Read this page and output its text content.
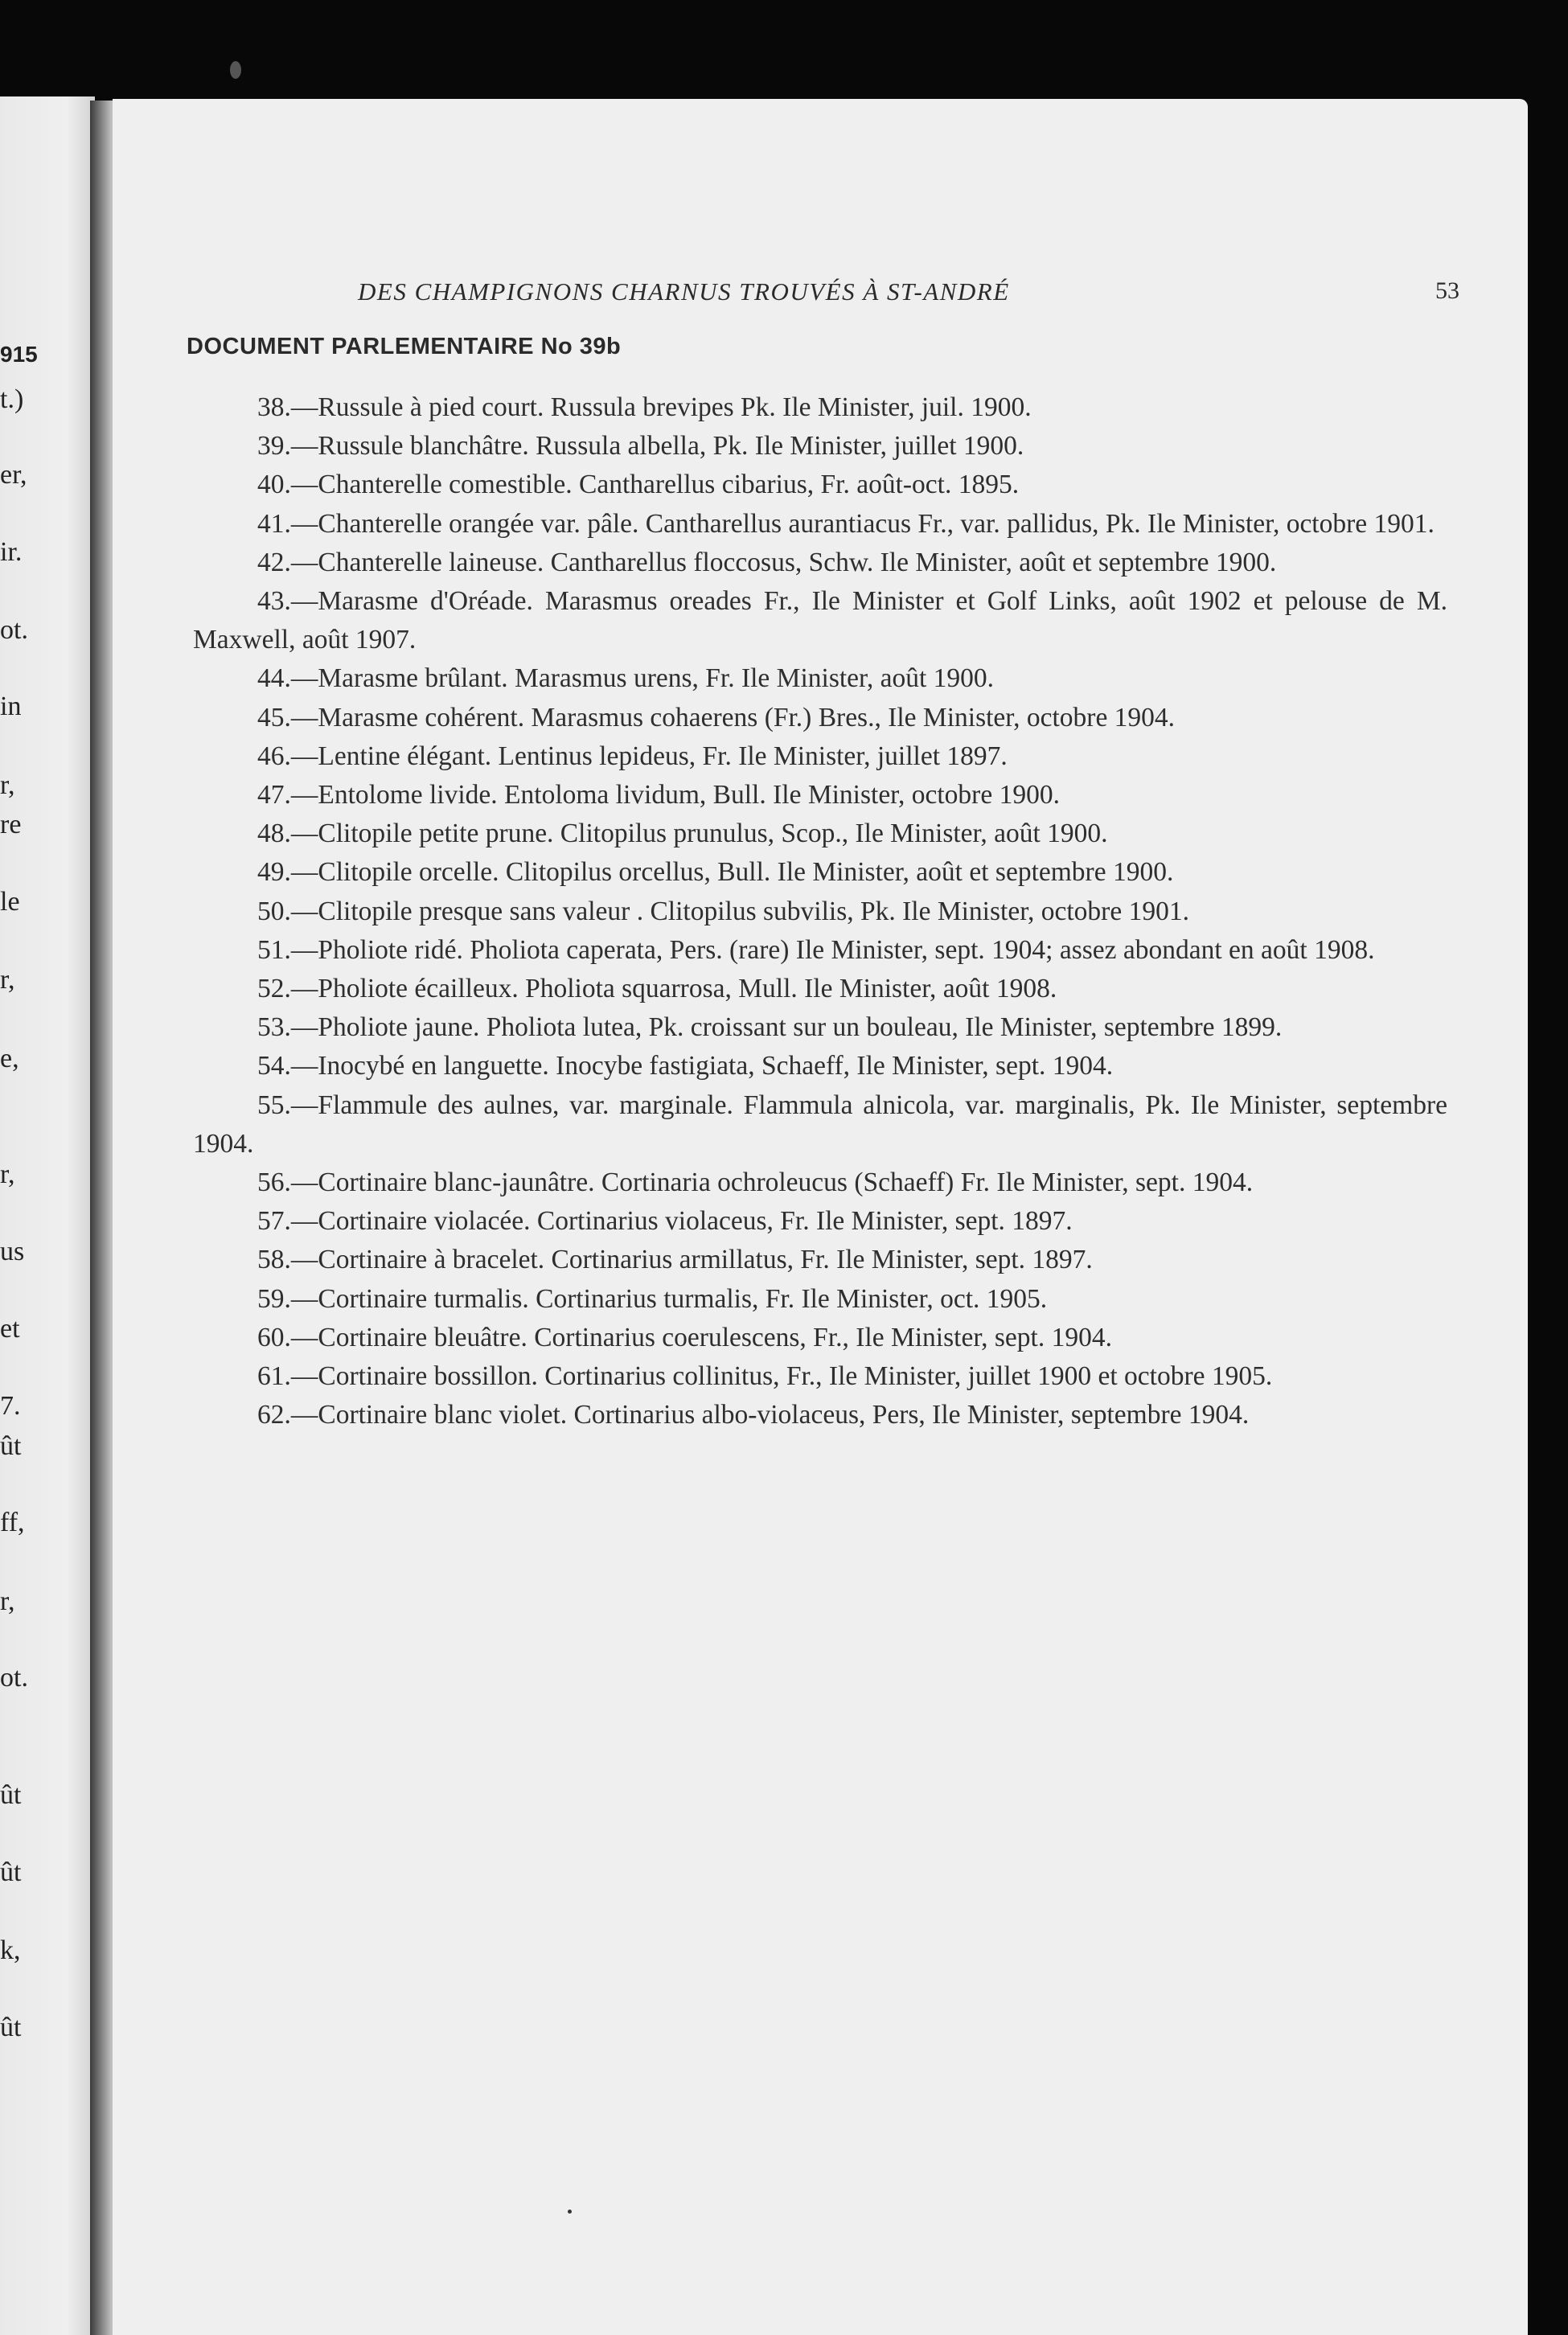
915
t.)
er,
ir.
ot.
in
r,
re
le
r,
e,
r,
us
et
7.
ût
ff,
r,
ot.
ût
ût
k,
ût
DES CHAMPIGNONS CHARNUS TROUVÉS À ST-ANDRÉ	53
DOCUMENT PARLEMENTAIRE No 39b

38.—Russule à pied court. Russula brevipes Pk. Ile Minister, juil. 1900.

39.—Russule blanchâtre. Russula albella, Pk. Ile Minister, juillet 1900.

40.—Chanterelle comestible. Cantharellus cibarius, Fr. août-oct. 1895.

41.—Chanterelle orangée var. pâle. Cantharellus aurantiacus Fr., var. pallidus, Pk. Ile Minister, octobre 1901.

42.—Chanterelle laineuse. Cantharellus floccosus, Schw. Ile Minister, août et septembre 1900.

43.—Marasme d'Oréade. Marasmus oreades Fr., Ile Minister et Golf Links, août 1902 et pelouse de M. Maxwell, août 1907.

44.—Marasme brûlant. Marasmus urens, Fr. Ile Minister, août 1900.

45.—Marasme cohérent. Marasmus cohaerens (Fr.) Bres., Ile Minister, octobre 1904.

46.—Lentine élégant. Lentinus lepideus, Fr. Ile Minister, juillet 1897.

47.—Entolome livide. Entoloma lividum, Bull. Ile Minister, octobre 1900.

48.—Clitopile petite prune. Clitopilus prunulus, Scop., Ile Minister, août 1900.

49.—Clitopile orcelle. Clitopilus orcellus, Bull. Ile Minister, août et septembre 1900.

50.—Clitopile presque sans valeur . Clitopilus subvilis, Pk. Ile Minister, octobre 1901.

51.—Pholiote ridé. Pholiota caperata, Pers. (rare) Ile Minister, sept. 1904; assez abondant en août 1908.

52.—Pholiote écailleux. Pholiota squarrosa, Mull. Ile Minister, août 1908.

53.—Pholiote jaune. Pholiota lutea, Pk. croissant sur un bouleau, Ile Minister, septembre 1899.

54.—Inocybé en languette. Inocybe fastigiata, Schaeff, Ile Minister, sept. 1904.

55.—Flammule des aulnes, var. marginale. Flammula alnicola, var. marginalis, Pk. Ile Minister, septembre 1904.

56.—Cortinaire blanc-jaunâtre. Cortinaria ochroleucus (Schaeff) Fr. Ile Minister, sept. 1904.

57.—Cortinaire violacée. Cortinarius violaceus, Fr. Ile Minister, sept. 1897.

58.—Cortinaire à bracelet. Cortinarius armillatus, Fr. Ile Minister, sept. 1897.

59.—Cortinaire turmalis. Cortinarius turmalis, Fr. Ile Minister, oct. 1905.

60.—Cortinaire bleuâtre. Cortinarius coerulescens, Fr., Ile Minister, sept. 1904.

61.—Cortinaire bossillon. Cortinarius collinitus, Fr., Ile Minister, juillet 1900 et octobre 1905.

62.—Cortinaire blanc violet. Cortinarius albo-violaceus, Pers, Ile Minister, septembre 1904.
